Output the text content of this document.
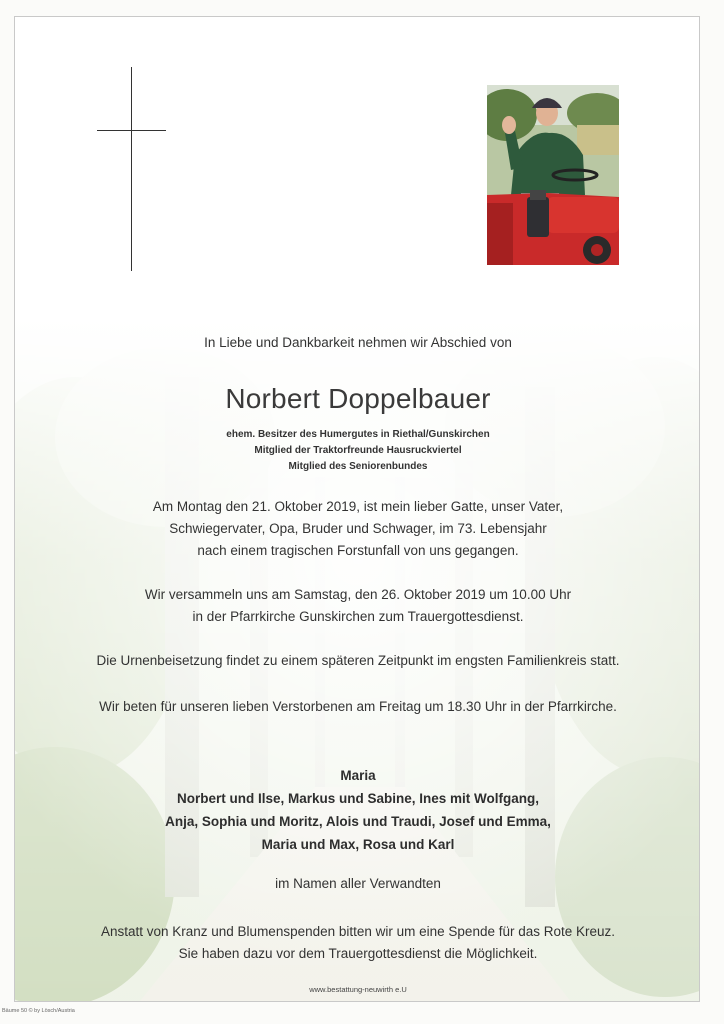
In Liebe und Dankbarkeit nehmen wir Abschied von
Norbert Doppelbauer
ehem. Besitzer des Humergutes in Riethal/Gunskirchen
Mitglied der Traktorfreunde Hausruckviertel
Mitglied des Seniorenbundes
Am Montag den 21. Oktober 2019, ist mein lieber Gatte, unser Vater,
Schwiegervater, Opa, Bruder und Schwager, im 73. Lebensjahr
nach einem tragischen Forstunfall von uns gegangen.
Wir versammeln uns am Samstag, den 26. Oktober 2019 um 10.00 Uhr
in der Pfarrkirche Gunskirchen zum Trauergottesdienst.
Die Urnenbeisetzung findet zu einem späteren Zeitpunkt im engsten Familienkreis statt.
Wir beten für unseren lieben Verstorbenen am Freitag um 18.30 Uhr in der Pfarrkirche.
Maria
Norbert und Ilse, Markus und Sabine, Ines mit Wolfgang,
Anja, Sophia und Moritz, Alois und Traudi, Josef und Emma,
Maria und Max, Rosa und Karl
im Namen aller Verwandten
Anstatt von Kranz und Blumenspenden bitten wir um eine Spende für das Rote Kreuz.
Sie haben dazu vor dem Trauergottesdienst die Möglichkeit.
www.bestattung-neuwirth e.U
Bäume 50 © by Lösch/Austria
